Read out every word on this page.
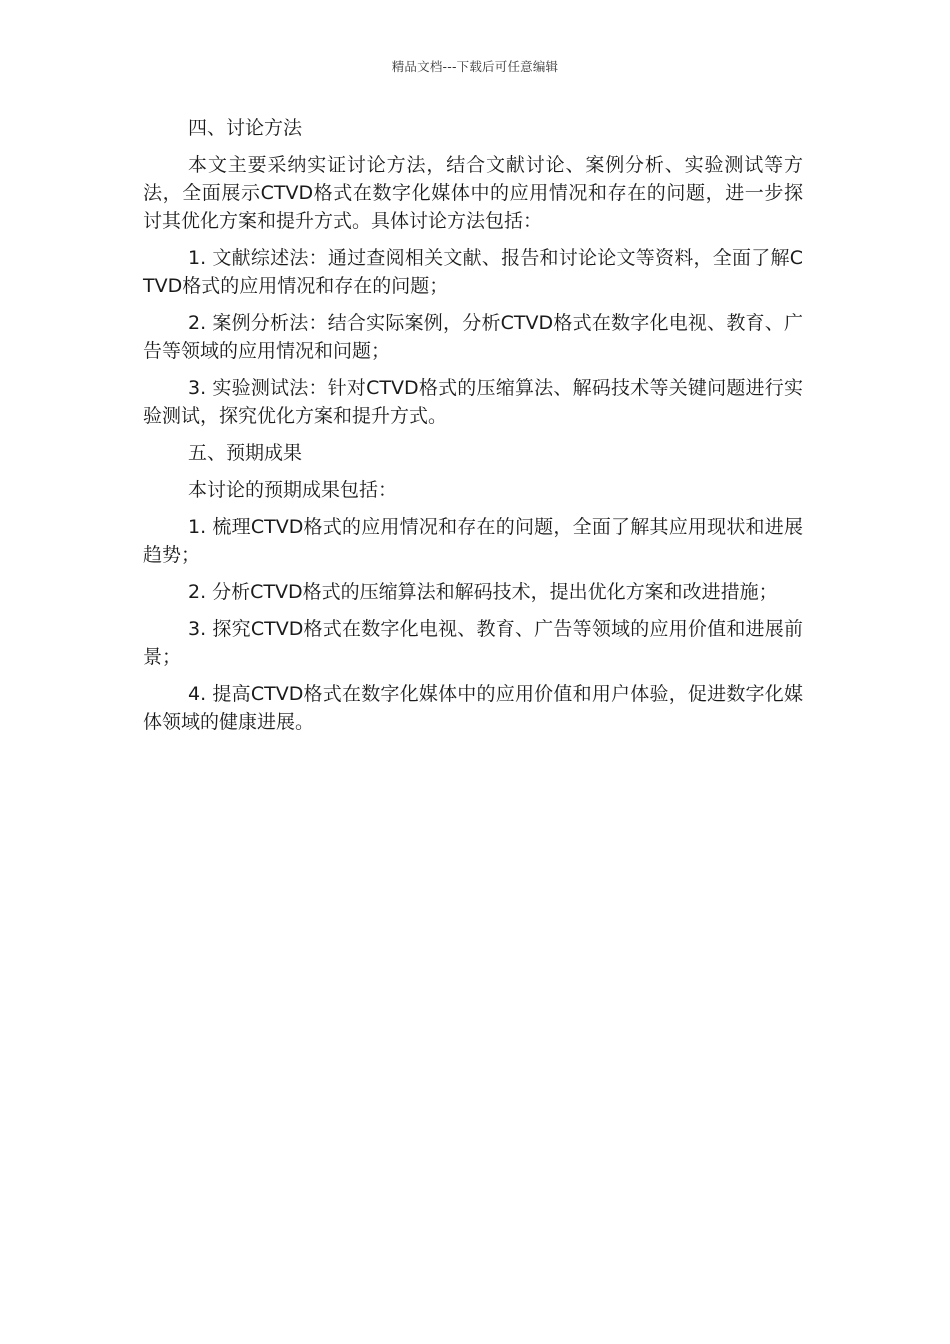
精品文档---下载后可任意编辑
四、讨论方法

本文主要采纳实证讨论方法，结合文献讨论、案例分析、实验测试等方法，全面展示CTVD格式在数字化媒体中的应用情况和存在的问题，进一步探讨其优化方案和提升方式。具体讨论方法包括：

1. 文献综述法：通过查阅相关文献、报告和讨论论文等资料，全面了解CTVD格式的应用情况和存在的问题；

2. 案例分析法：结合实际案例，分析CTVD格式在数字化电视、教育、广告等领域的应用情况和问题；

3. 实验测试法：针对CTVD格式的压缩算法、解码技术等关键问题进行实验测试，探究优化方案和提升方式。

五、预期成果

本讨论的预期成果包括：

1. 梳理CTVD格式的应用情况和存在的问题，全面了解其应用现状和进展趋势；

2. 分析CTVD格式的压缩算法和解码技术，提出优化方案和改进措施；

3. 探究CTVD格式在数字化电视、教育、广告等领域的应用价值和进展前景；

4. 提高CTVD格式在数字化媒体中的应用价值和用户体验，促进数字化媒体领域的健康进展。
